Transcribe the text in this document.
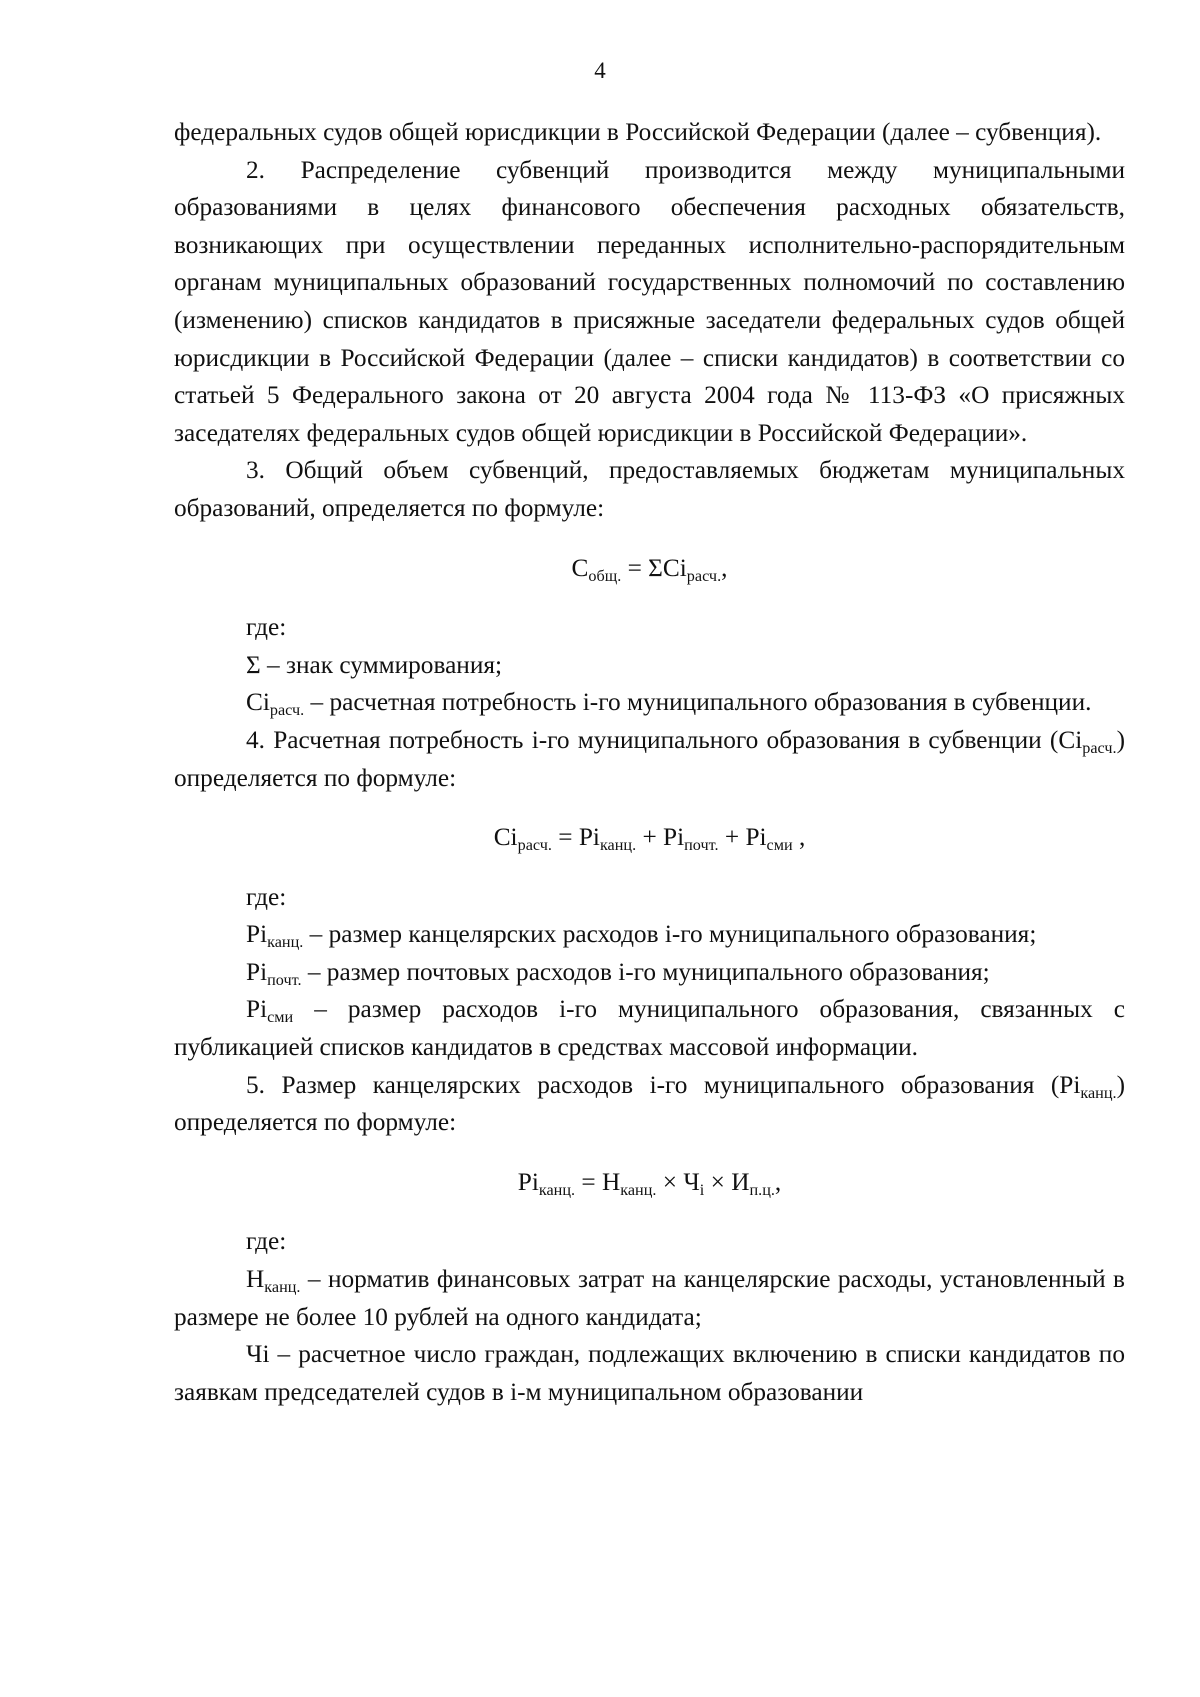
4

федеральных судов общей юрисдикции в Российской Федерации (далее – субвенция).

2. Распределение субвенций производится между муниципальными образованиями в целях финансового обеспечения расходных обязательств, возникающих при осуществлении переданных исполнительно-распорядительным органам муниципальных образований государственных полномочий по составлению (изменению) списков кандидатов в присяжные заседатели федеральных судов общей юрисдикции в Российской Федерации (далее – списки кандидатов) в соответствии со статьей 5 Федерального закона от 20 августа 2004 года № 113-ФЗ «О присяжных заседателях федеральных судов общей юрисдикции в Российской Федерации».

3. Общий объем субвенций, предоставляемых бюджетам муниципальных образований, определяется по формуле:

$С_{общ.} = \Sigma Ci_{расч.}$,

где:

Σ – знак суммирования;

$Ci_{расч.}$ – расчетная потребность i-го муниципального образования в субвенции.

4. Расчетная потребность i-го муниципального образования в субвенции $(Ci_{расч.})$ определяется по формуле:

$Ci_{расч.} = Pi_{канц.} + Pi_{почт.} + Pi_{сми}$ ,

где:

$Pi_{канц.}$ – размер канцелярских расходов i-го муниципального образования;

$Pi_{почт.}$ – размер почтовых расходов i-го муниципального образования;

$Pi_{сми}$ – размер расходов i-го муниципального образования, связанных с публикацией списков кандидатов в средствах массовой информации.

5. Размер канцелярских расходов i-го муниципального образования $(Pi_{канц.})$ определяется по формуле:

$Pi_{канц.} = Н_{канц.} \times Ч_i \times И_{п.ц.}$,

где:

$Н_{канц.}$ – норматив финансовых затрат на канцелярские расходы, установленный в размере не более 10 рублей на одного кандидата;

Чi – расчетное число граждан, подлежащих включению в списки кандидатов по заявкам председателей судов в i-м муниципальном образовании
